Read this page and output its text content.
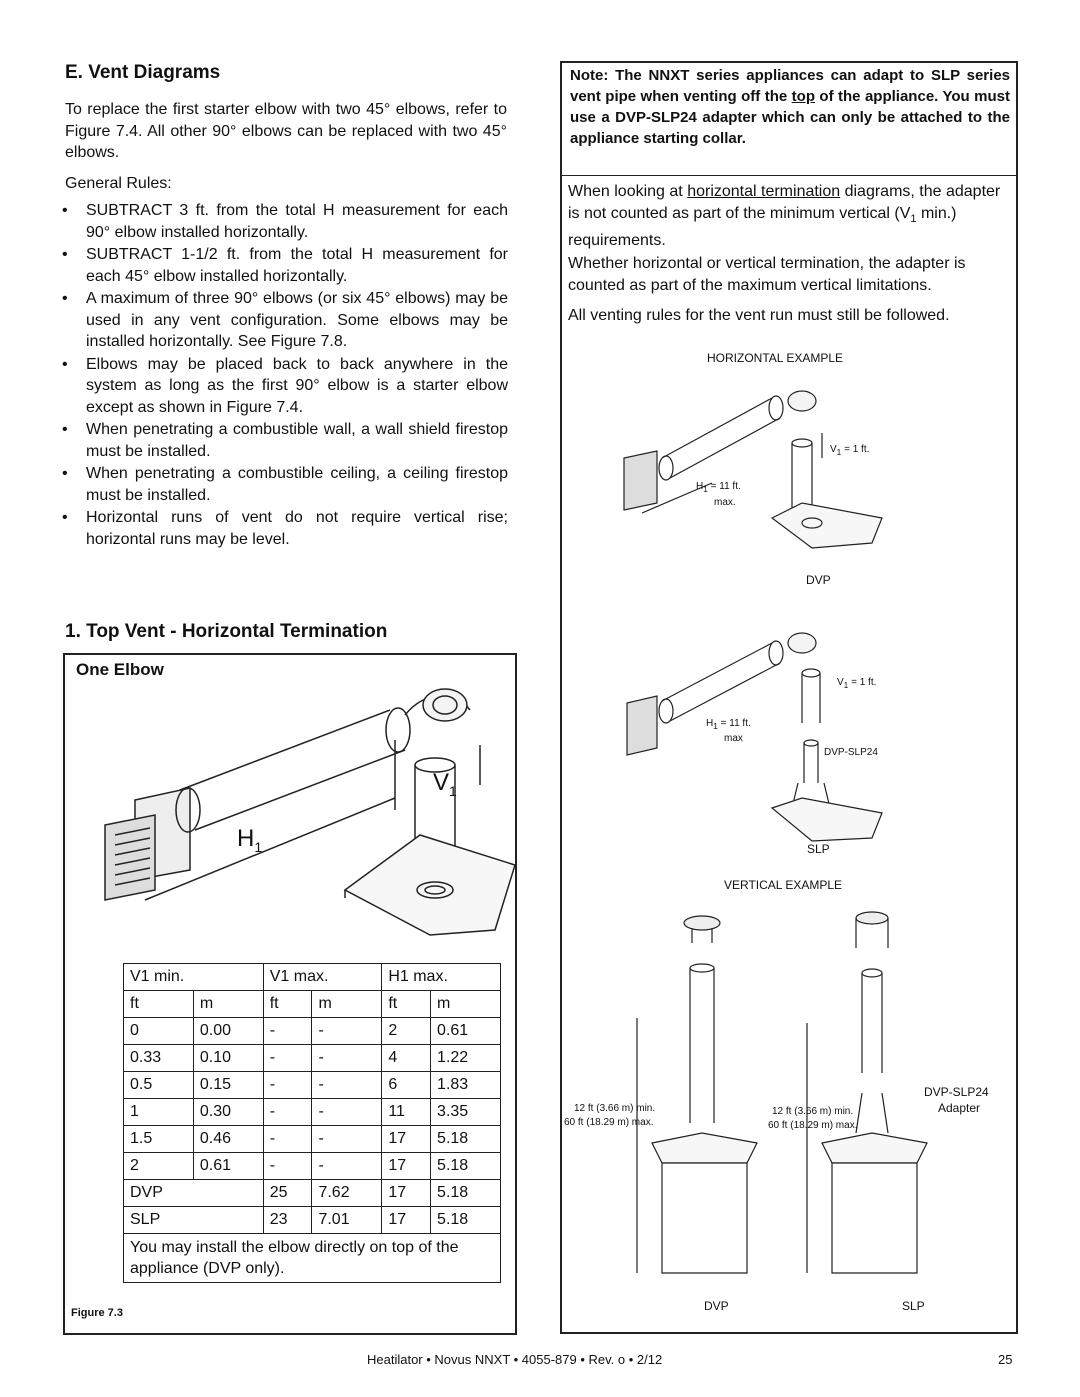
E. Vent Diagrams
To replace the first starter elbow with two 45° elbows, refer to Figure 7.4. All other 90° elbows can be replaced with two 45° elbows.
General Rules:
• SUBTRACT 3 ft. from the total H measurement for each 90° elbow installed horizontally.
• SUBTRACT 1-1/2 ft. from the total H measurement for each 45° elbow installed horizontally.
• A maximum of three 90° elbows (or six 45° elbows) may be used in any vent configuration. Some elbows may be installed horizontally. See Figure 7.8.
• Elbows may be placed back to back anywhere in the system as long as the first 90° elbow is a starter elbow except as shown in Figure 7.4.
• When penetrating a combustible wall, a wall shield firestop must be installed.
• When penetrating a combustible ceiling, a ceiling firestop must be installed.
• Horizontal runs of vent do not require vertical rise; horizontal runs may be level.
1. Top Vent - Horizontal Termination
One Elbow
$H_1$
$V_1$
V1 min.		V1 max.		H1 max.	
ft	m	ft	m	ft	m
0	0.00	-	-	2	0.61
0.33	0.10	-	-	4	1.22
0.5	0.15	-	-	6	1.83
1	0.30	-	-	11	3.35
1.5	0.46	-	-	17	5.18
2	0.61	-	-	17	5.18
DVP		25	7.62	17	5.18
SLP		23	7.01	17	5.18
You may install the elbow directly on top of the appliance (DVP only).					
Figure 7.3
Note: The NNXT series appliances can adapt to SLP series vent pipe when venting off the top of the appliance. You must use a DVP-SLP24 adapter which can only be attached to the appliance starting collar.
When looking at horizontal termination diagrams, the adapter is not counted as part of the minimum vertical ($V_1$ min.) requirements.
Whether horizontal or vertical termination, the adapter is counted as part of the maximum vertical limitations.
All venting rules for the vent run must still be followed.
HORIZONTAL EXAMPLE
$V_1 = 1$ ft.
$H_1 = 11$ ft.
max.
DVP
$V_1 = 1$ ft.
$H_1 = 11$ ft.
max
DVP-SLP24
SLP
VERTICAL EXAMPLE
12 ft (3.66 m) min.
60 ft (18.29 m) max.
12 ft (3.66 m) min.
60 ft (18.29 m) max.
DVP-SLP24
Adapter
DVP	SLP
Heatilator • Novus NNXT • 4055-879 • Rev. o • 2/12	25
